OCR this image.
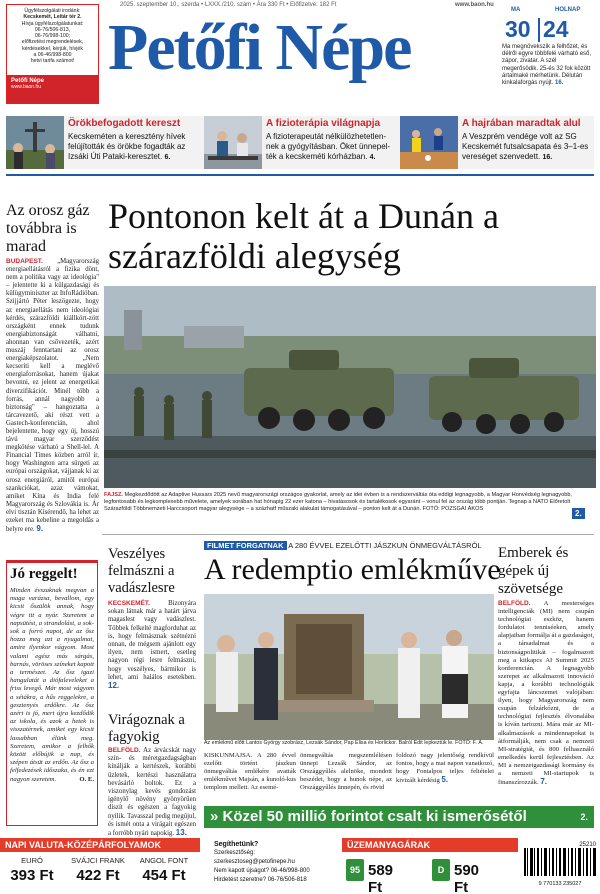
Ügyfélszolgálati irodánk:
Kecskemét, Leitár tér 2.
Hívja ügyfélszolgálatunkat:
06-76/506-813,
06-76/998-100;
előfizetési megrendelések,
kérdésekkel, kérjük, hívjék
a 06-46/998-800
hetvi tarifa számot!
Petőfi Népe
www.baon.hu
2025. szeptember 10., szerda • LXXX./210. szám • Ára 330 Ft • Előfizetve: 182 Ft	www.baon.hu
Petőfi Népe
MA	HOLNAP
30 24
Ma megnövekszik a felhőzet, és délről egyre többfelé várható eső, zápor, zivatar. A szél megerősödik. 25-és 32 fok között ártalmaké mérhetünk. Délután kinkalaforgás nyújt. 16.
Örökbefogadott kereszt
Kecskeméten a keresztény hívek felújították és örökbe fogadták az Izsáki Úti Pataki-keresztet. 6.
A fizioterápia világnapja
A fizioterapeutát nélkülözhetetlen-nek a gyógyításban. Öket ünnepel-ték a kecskeméti kórházban. 4.
A hajrában maradtak alul
A Veszprém vendége volt az SG Kecskemét futsalcsapata és 3–1-es vereséget szenvedett. 16.
Az orosz gáz továbbra is marad
BUDAPEST. „Magyarország energiaellátásról a fizika dönt, nem a politika vagy az ideológia" – jelentette ki a külgazdasági és külügyminiszter az InfoRádióban. Szijjártó Péter leszögezte, hogy az energiaellátás nem ideológiai kérdés, szárazföldi kiállkört-zött országként ennek tudunk energiabiztonságát válhatni, ahonnan van csővezeték, azért muszáj fenntartani az orosz energiaképszolatot. „Nem kecseríti kell a meglévő energiaforrásokat, hanem újakat bevonni, ez jelent az energetikai diverzifikációt. Minél több a forrás, annál nagyobb a biztonság" – hangoztatta a tárcavezető, aki részt vett a Gastech-konferencián, ahol bejelentette, hogy egy új, hosszú távú magyar szerződést megkötése várható a Shell-lel. A Financial Times közben arról ír, hogy Washington arra sürgeti az európai országokat, vájjanak ki az orosz energiáról, amitől európai szankciókat, azaz vámokat, amiket Kína és India felé Magyarország és Szlovákia is. Ár elvi tisztán Kísérendő, ha lehet az ezeket ma kebeline a megoldás a belyre ere. 9.
Jó reggelt!
Minden évszaknak megvan a maga varázsa, bevallom, egy kicsit őszülök annak, hogy végre itt a nyár. Szeretem a napsütést, a strandolást, a sok-sok a forró napot, de az ősz hozza meg azt a nyugalmat, amire ilyenkor vágyom. Most valami egész más sárgás, barnás, vöröses színeket kapott a természet. Az ősz igazi hangulatát a diófaleveleket a friss levegő. Már most vágyom a sétákra, a hűs reggelekre, a gesztenyés erdőkre. Az ősz azért is jó, mert újra kezdődik az iskola, és azok a hetek is visszatérnek, amiket egy kicsit lassabban élünk meg. Szeretem, amikor a felhők között előbújik a nap, és szépen átsüt az erdőn. Az ősz a felfedezések időszaka, és én ezt nagyon szeretem.	O. E.
Pontonon kelt át a Dunán a szárazföldi alegység
FAJSZ. Megkezdődött az Adaptive Hussars 2025 nevű magyarországi országos gyakorlat, amely az idei évben is a rendszerváltás óta eddigi legnagyobb, a Magyar Honvédség legnagyobb, legfontosabb és legkomplexebb művelete, amelyek sorában hat hónapig 22 ezer katona – hivatásosok és tartalékosok egyaránt – vonul fel az ország több pontján. Tegnap a NATO Előretolt Szárazföldi Többnemzeti Harccsoport magyar alegysége – a százhatf műszaki alakulat támogatásával – ponton kelt át a Dunán. FOTÓ: POZSGAI ÁKOS	2.
Veszélyes felmászni a vadászlesre
KECSKEMÉT.	Bizonyára sokan látnak már a határt járva magaslest vagy vadászlest. Többek felkelté magforduhat az is, hogy felmásznak szétnézni onnan, de mégsem ajánlott egy ilyen, nem ismert, esetleg nagyon régi lesre felmászni, hogy veszélyes, bármikor is lehet, ami halálos esetekben. 12.
Virágoznak a fagyokig
BELFÖLD. Az árvácskát nagy szín- és méretgazdagságban kínálják a kertészek, korábbi üzletek, kertészi használatra bevásárló boltok. Ez a viszonylag kevés gondozást igénylő növény gyönyörűen díszít és egészen a fagyokig nyílik. Tavasszal pedig megújul, és ismét onta a virágait egészen a forróbb nyári napokig. 13.
FILMET FORGATNAK A 280 ÉVVEL EZELŐTTI JÁSZKUN ÖNMEGVÁLTÁSRÓL
A redemptio emlékműve
Az emlékmű előtt Lantos György szobrász, Lezsák Sándor, Pap Elisa és Horlickor. Balról Edit lepkeztük le. FOTÓ: F. Á.
KISKUNMAJSA. A 280 évvel ezelőtt történt jászkun önmegváltás emlékére avatták emlékművet Majsán, a kunoló-kus templom mellett. Az esemé-
önmegváltás megszemlélésen ünnepi Lezsák Sándor, az Országgyűlés alelnöke, mondott beszédet, hogy a hunok népe, az Országgyűlés ünnepén, és rövid
foldozó nagy jelentőség rendkívül fontos, hogy a mai napon vanatkozó, hogy Fontalpos teljes feltételei kivizált kérdésig 5.
Emberek és gépek új szövetsége
BELFÖLD. A mesterséges intelligenciák (MI) nem csupán technológiai eszköz, hanem fordulatot tenniséeken, amely alapjaiban formálja át a gazdaságot, a társadalmat és a biztonságpolitikát – fogalmazott meg a kitkapcs AI Summit 2025 konferencián. A legnagyobb szerepet az alkalmazott innováció kapja, a korábbi technológiák egyfajta láncszemei valójában: ilyen, hogy Magyarország nem csupán felzárkózni, de a technológiai fejlesztés élvonalába is kíván tartozni. Mára már az MI-alkalmazások a mindennapokat is átformálják, nem csak a nemzeti MI-stratégiát, és 800 felhasználó emelkedés kerül fejlesztésben. Az MI a nemzetgazdasági kormány és a nemzeti MI-startupok is finanszírozzák. 7.
» Közel 50 millió forintot csalt ki ismerősétől	2.
NAPI VALUTA-KÖZÉPÁRFOLYAMOK
EURÓ
393 Ft
SVÁJCI FRANK
422 Ft
ANGOL FONT
454 Ft
Segíthetünk?
Szerkesztőség: szerkesztoseg@petofinepe.hu
Nem kapott újságot? 06-46/998-800
Hirdetést szeretne? 06-76/506-818
ÜZEMANYAGÁRAK
95 589 Ft
D 590 Ft
25210
9 770133 235027
